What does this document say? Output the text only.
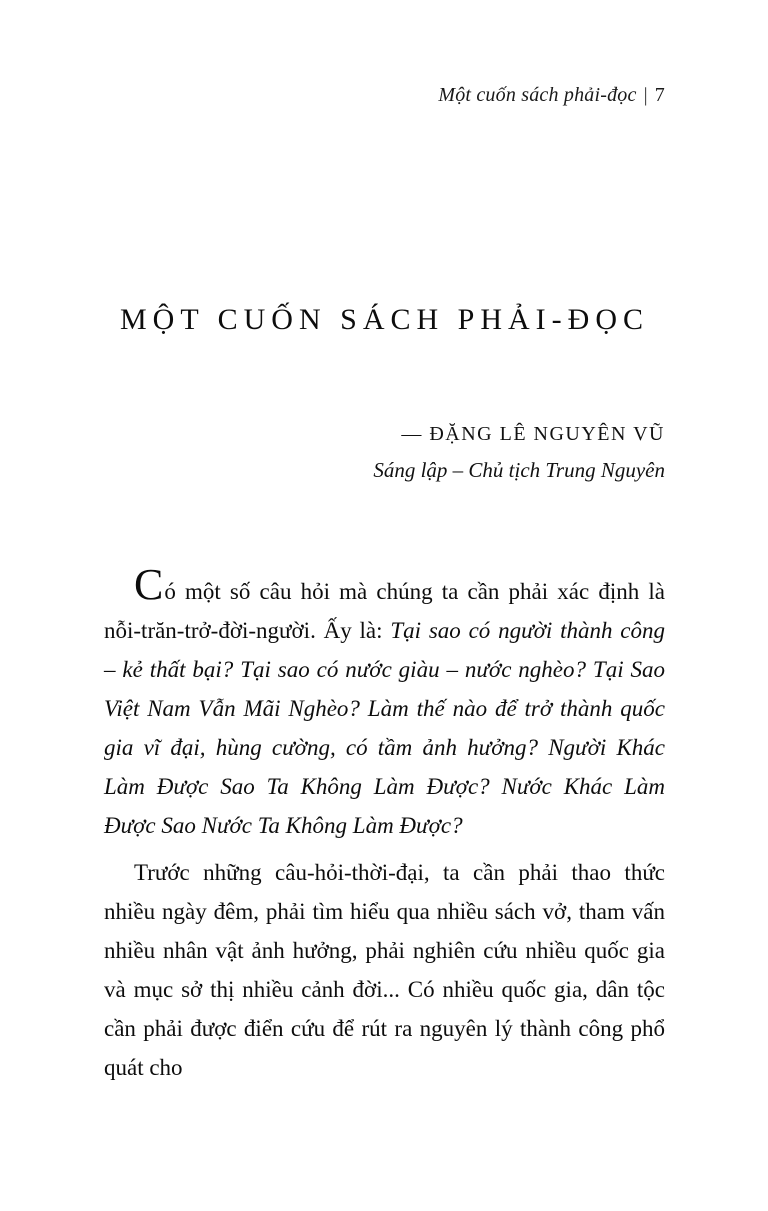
Một cuốn sách phải-đọc | 7
MỘT CUỐN SÁCH PHẢI-ĐỌC
— ĐẶNG LÊ NGUYÊN VŨ
Sáng lập – Chủ tịch Trung Nguyên

Có một số câu hỏi mà chúng ta cần phải xác định là nỗi-trăn-trở-đời-người. Ấy là: Tại sao có người thành công – kẻ thất bại? Tại sao có nước giàu – nước nghèo? Tại Sao Việt Nam Vẫn Mãi Nghèo? Làm thế nào để trở thành quốc gia vĩ đại, hùng cường, có tầm ảnh hưởng? Người Khác Làm Được Sao Ta Không Làm Được? Nước Khác Làm Được Sao Nước Ta Không Làm Được?

Trước những câu-hỏi-thời-đại, ta cần phải thao thức nhiều ngày đêm, phải tìm hiểu qua nhiều sách vở, tham vấn nhiều nhân vật ảnh hưởng, phải nghiên cứu nhiều quốc gia và mục sở thị nhiều cảnh đời... Có nhiều quốc gia, dân tộc cần phải được điển cứu để rút ra nguyên lý thành công phổ quát cho
